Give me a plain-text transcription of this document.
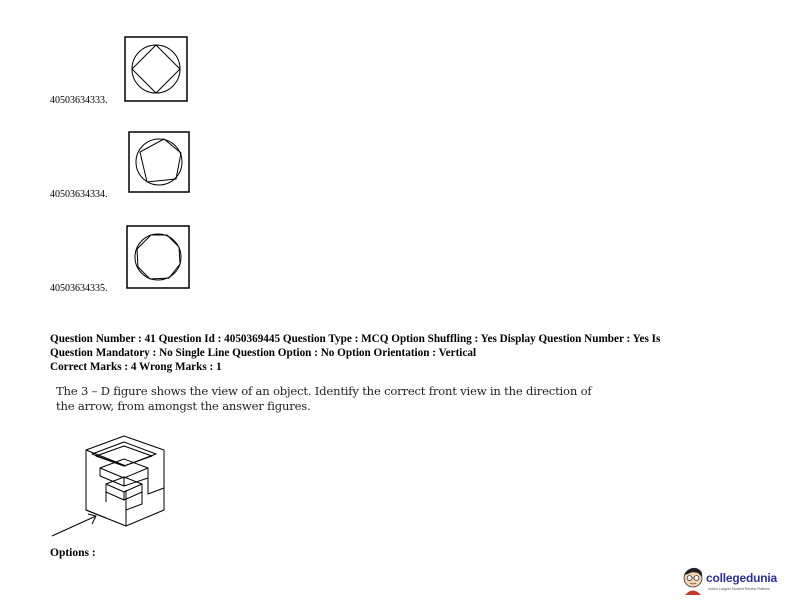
40503634333.
40503634334.
40503634335.
Question Number : 41 Question Id : 4050369445 Question Type : MCQ Option Shuffling : Yes Display Question Number : Yes Is
Question Mandatory : No Single Line Question Option : No Option Orientation : Vertical
Correct Marks : 4 Wrong Marks : 1
The 3 – D figure shows the view of an object. Identify the correct front view in the direction of
the arrow, from amongst the answer figures.
Options :
collegedunia
India's Largest Student Review Platform
